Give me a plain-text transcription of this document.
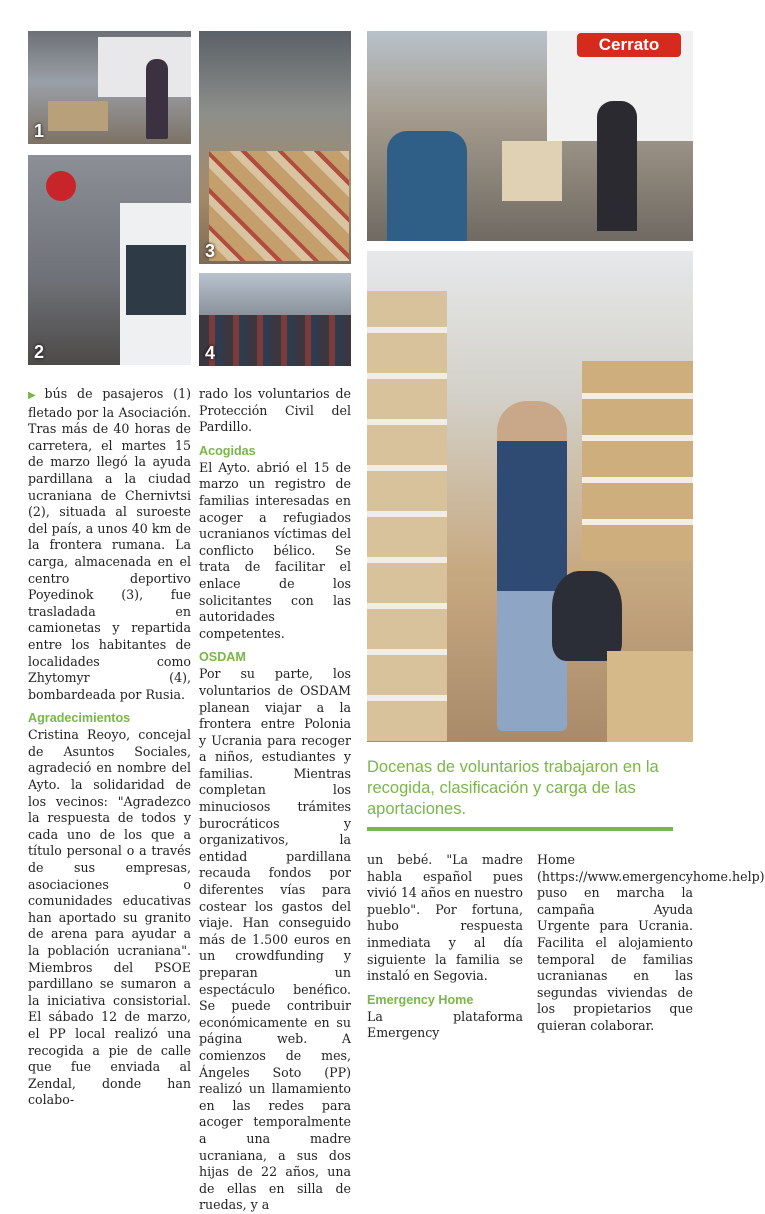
1
3
2	4
Cerrato

▶ bús de pasajeros (1) fletado por la Asociación. Tras más de 40 horas de carretera, el martes 15 de marzo llegó la ayuda pardillana a la ciudad ucraniana de Chernivtsi (2), situada al suroeste del país, a unos 40 km de la frontera rumana. La carga, almacenada en el centro deportivo Poyedinok (3), fue trasladada en camionetas y repartida entre los habitantes de localidades como Zhytomyr (4), bombardeada por Rusia.

Agradecimientos

Cristina Reoyo, concejal de Asuntos Sociales, agradeció en nombre del Ayto. la solidaridad de los vecinos: "Agradezco la respuesta de todos y cada uno de los que a título personal o a través de sus empresas, asociaciones o comunidades educativas han aportado su granito de arena para ayudar a la población ucraniana". Miembros del PSOE pardillano se sumaron a la iniciativa consistorial. El sábado 12 de marzo, el PP local realizó una recogida a pie de calle que fue enviada al Zendal, donde han colabo-

rado los voluntarios de Protección Civil del Pardillo.

Acogidas

El Ayto. abrió el 15 de marzo un registro de familias interesadas en acoger a refugiados ucranianos víctimas del conflicto bélico. Se trata de facilitar el enlace de los solicitantes con las autoridades competentes.

OSDAM

Por su parte, los voluntarios de OSDAM planean viajar a la frontera entre Polonia y Ucrania para recoger a niños, estudiantes y familias. Mientras completan los minuciosos trámites burocráticos y organizativos, la entidad pardillana recauda fondos por diferentes vías para costear los gastos del viaje. Han conseguido más de 1.500 euros en un crowdfunding y preparan un espectáculo benéfico. Se puede contribuir económicamente en su página web. A comienzos de mes, Ángeles Soto (PP) realizó un llamamiento en las redes para acoger temporalmente a una madre ucraniana, a sus dos hijas de 22 años, una de ellas en silla de ruedas, y a

Docenas de voluntarios trabajaron en la recogida, clasificación y carga de las aportaciones.

un bebé. "La madre habla español pues vivió 14 años en nuestro pueblo". Por fortuna, hubo respuesta inmediata y al día siguiente la familia se instaló en Segovia.

Emergency Home

La plataforma Emergency

Home (https://www.emergencyhome.help) puso en marcha la campaña Ayuda Urgente para Ucrania. Facilita el alojamiento temporal de familias ucranianas en las segundas viviendas de los propietarios que quieran colaborar.
